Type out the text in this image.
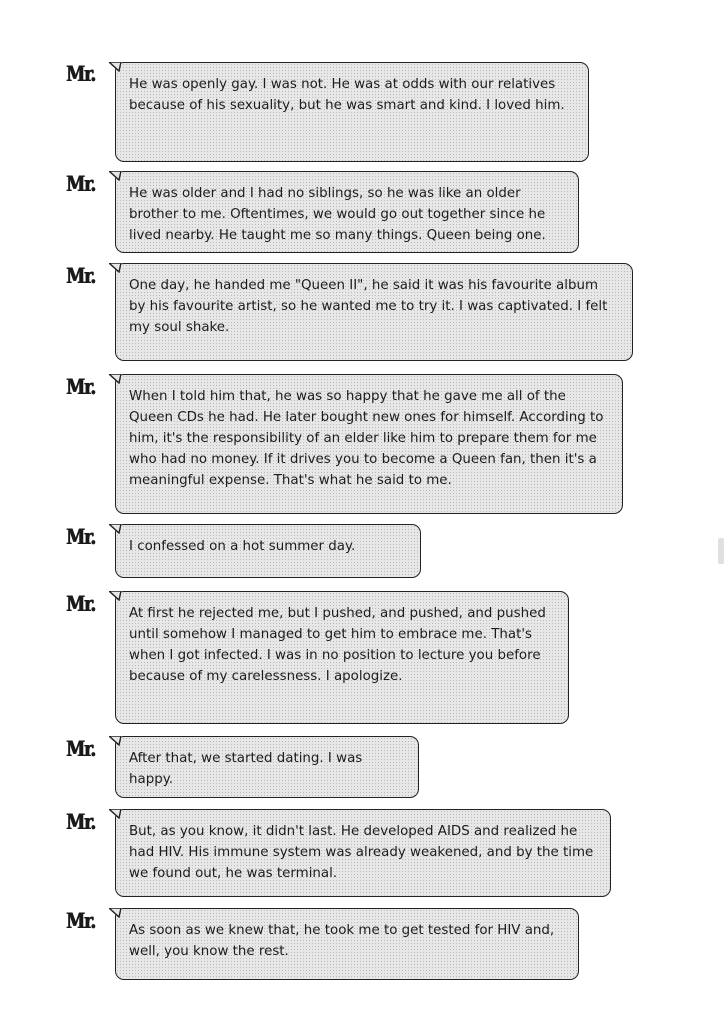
Mr.	He was openly gay. I was not. He was at odds with our relatives because of his sexuality, but he was smart and kind. I loved him.
Mr.	He was older and I had no siblings, so he was like an older brother to me. Oftentimes, we would go out together since he lived nearby. He taught me so many things. Queen being one.
Mr.	One day, he handed me "Queen II", he said it was his favourite album by his favourite artist, so he wanted me to try it. I was captivated. I felt my soul shake.
Mr.	When I told him that, he was so happy that he gave me all of the Queen CDs he had. He later bought new ones for himself. According to him, it's the responsibility of an elder like him to prepare them for me who had no money. If it drives you to become a Queen fan, then it's a meaningful expense. That's what he said to me.
Mr.	I confessed on a hot summer day.
Mr.	At first he rejected me, but I pushed, and pushed, and pushed until somehow I managed to get him to embrace me. That's when I got infected. I was in no position to lecture you before because of my carelessness. I apologize.
Mr.	After that, we started dating. I was happy.
Mr.	But, as you know, it didn't last. He developed AIDS and realized he had HIV. His immune system was already weakened, and by the time we found out, he was terminal.
Mr.	As soon as we knew that, he took me to get tested for HIV and, well, you know the rest.
